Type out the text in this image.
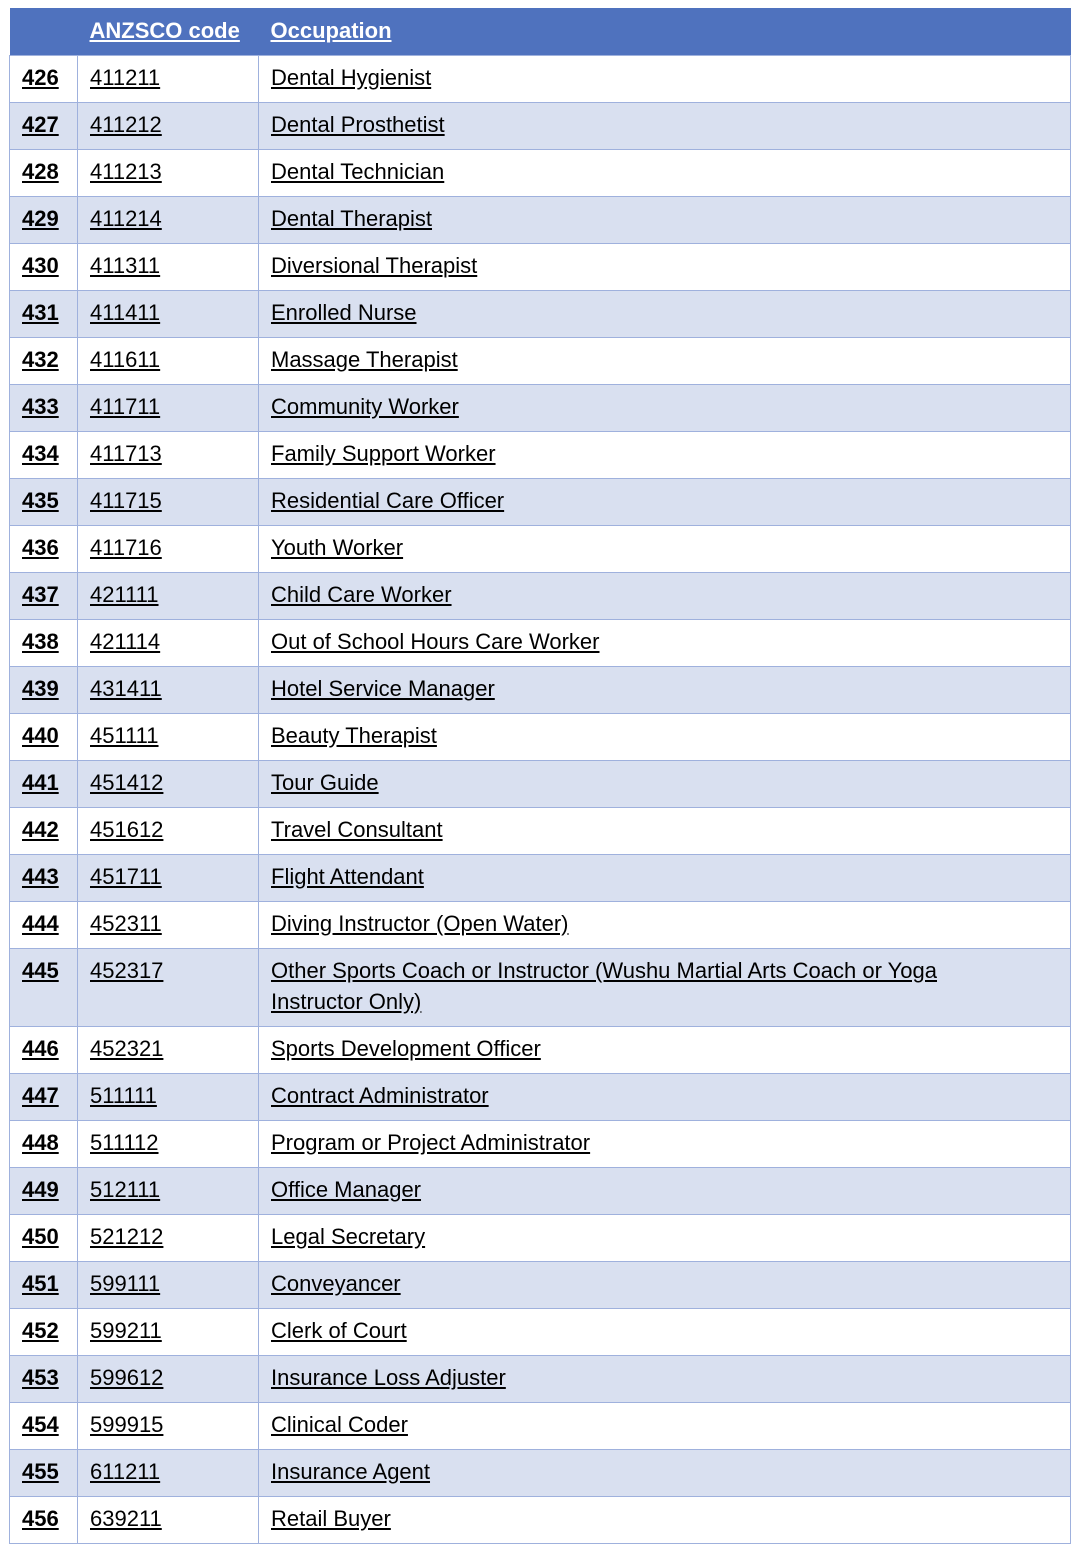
	ANZSCO code	Occupation
426	411211	Dental Hygienist
427	411212	Dental Prosthetist
428	411213	Dental Technician
429	411214	Dental Therapist
430	411311	Diversional Therapist
431	411411	Enrolled Nurse
432	411611	Massage Therapist
433	411711	Community Worker
434	411713	Family Support Worker
435	411715	Residential Care Officer
436	411716	Youth Worker
437	421111	Child Care Worker
438	421114	Out of School Hours Care Worker
439	431411	Hotel Service Manager
440	451111	Beauty Therapist
441	451412	Tour Guide
442	451612	Travel Consultant
443	451711	Flight Attendant
444	452311	Diving Instructor (Open Water)
445	452317	Other Sports Coach or Instructor (Wushu Martial Arts Coach or Yoga Instructor Only)
446	452321	Sports Development Officer
447	511111	Contract Administrator
448	511112	Program or Project Administrator
449	512111	Office Manager
450	521212	Legal Secretary
451	599111	Conveyancer
452	599211	Clerk of Court
453	599612	Insurance Loss Adjuster
454	599915	Clinical Coder
455	611211	Insurance Agent
456	639211	Retail Buyer
